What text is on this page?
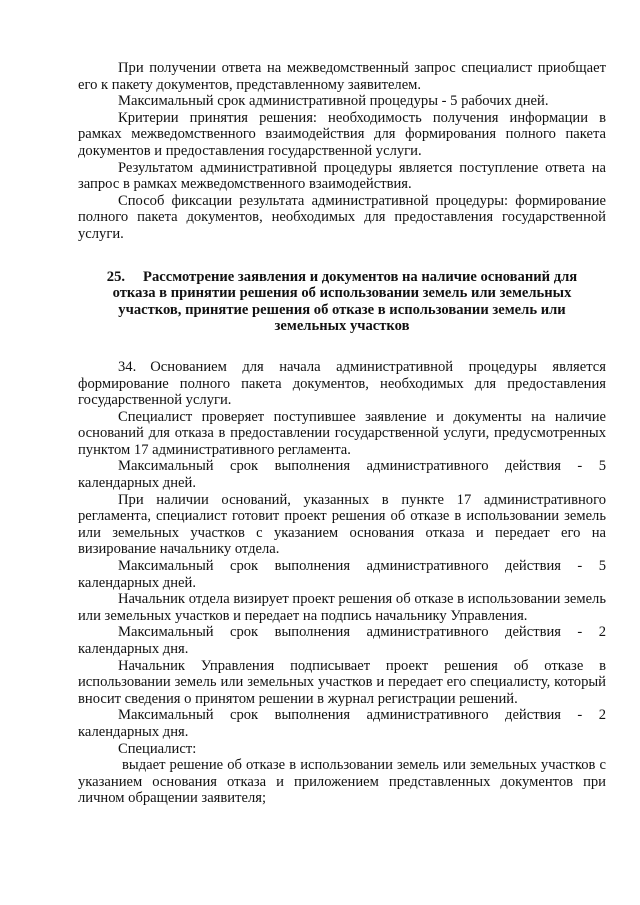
При получении ответа на межведомственный запрос специалист приобщает его к пакету документов, представленному заявителем.

Максимальный срок административной процедуры - 5 рабочих дней.

Критерии принятия решения: необходимость получения информации в рамках межведомственного взаимодействия для формирования полного пакета документов и предоставления государственной услуги.

Результатом административной процедуры является поступление ответа на запрос в рамках межведомственного взаимодействия.

Способ фиксации результата административной процедуры: формирование полного пакета документов, необходимых для предоставления государственной услуги.

25. Рассмотрение заявления и документов на наличие оснований для отказа в принятии решения об использовании земель или земельных участков, принятие решения об отказе в использовании земель или земельных участков

34. Основанием для начала административной процедуры является формирование полного пакета документов, необходимых для предоставления государственной услуги.

Специалист проверяет поступившее заявление и документы на наличие оснований для отказа в предоставлении государственной услуги, предусмотренных пунктом 17 административного регламента.

Максимальный срок выполнения административного действия - 5 календарных дней.

При наличии оснований, указанных в пункте 17 административного регламента, специалист готовит проект решения об отказе в использовании земель или земельных участков с указанием основания отказа и передает его на визирование начальнику отдела.

Максимальный срок выполнения административного действия - 5 календарных дней.

Начальник отдела визирует проект решения об отказе в использовании земель или земельных участков и передает на подпись начальнику Управления.

Максимальный срок выполнения административного действия - 2 календарных дня.

Начальник Управления подписывает проект решения об отказе в использовании земель или земельных участков и передает его специалисту, который вносит сведения о принятом решении в журнал регистрации решений.

Максимальный срок выполнения административного действия - 2 календарных дня.

Специалист:

выдает решение об отказе в использовании земель или земельных участков с указанием основания отказа и приложением представленных документов при личном обращении заявителя;
